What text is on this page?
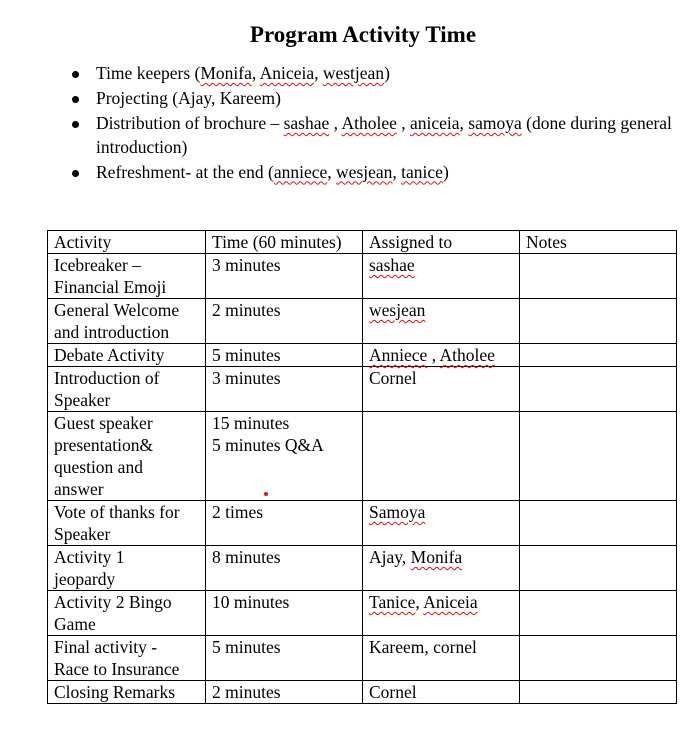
Program Activity Time
Time keepers (Monifa, Aniceia, westjean)
Projecting (Ajay, Kareem)
Distribution of brochure – sashae , Atholee , aniceia, samoya (done during general introduction)
Refreshment- at the end (anniece, wesjean, tanice)
Activity	Time (60 minutes)	Assigned to	Notes

Icebreaker –
Financial Emoji	3 minutes	sashae	

General Welcome
and introduction	2 minutes	wesjean	

Debate Activity	5 minutes	Anniece , Atholee	

Introduction of
Speaker	3 minutes	Cornel	

Guest speaker
presentation&
question and
answer	15 minutes
5 minutes Q&A		

Vote of thanks for
Speaker	2 times	Samoya	

Activity 1
jeopardy	8 minutes	Ajay, Monifa	

Activity 2 Bingo
Game	10 minutes	Tanice, Aniceia	

Final activity -
Race to Insurance	5 minutes	Kareem, cornel	

Closing Remarks	2 minutes	Cornel	
